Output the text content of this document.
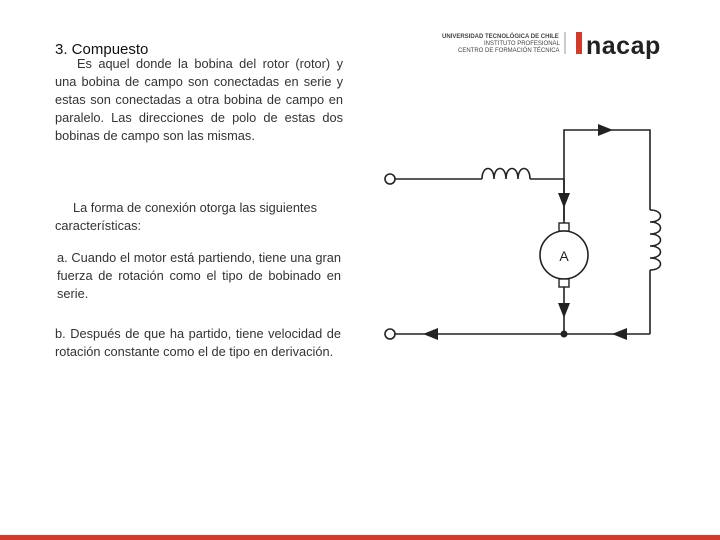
3. Compuesto

Es aquel donde la bobina del rotor (rotor) y una bobina de campo son conectadas en serie y estas son conectadas a otra bobina de campo en paralelo. Las direcciones de polo de estas dos bobinas de campo son las mismas.

La forma de conexión otorga las siguientes características:

a. Cuando el motor está partiendo, tiene una gran fuerza de rotación como el tipo de bobinado en serie.

b. Después de que ha partido, tiene velocidad de rotación constante como el de tipo en derivación.

UNIVERSIDAD TECNOLÓGICA DE CHILE
INSTITUTO PROFESIONAL
CENTRO DE FORMACIÓN TÉCNICA nacap
A
